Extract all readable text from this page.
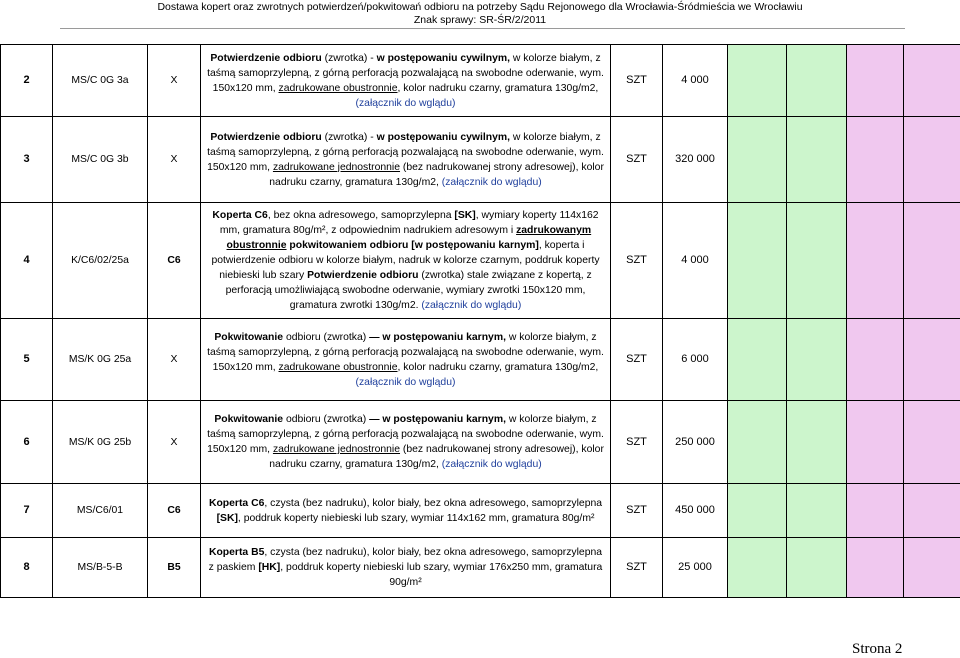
Dostawa kopert oraz zwrotnych potwierdzeń/pokwitowań odbioru na potrzeby Sądu Rejonowego dla Wrocławia-Śródmieścia we Wrocławiu
Znak sprawy: SR-ŚR/2/2011
2	MS/C 0G 3a	X	Potwierdzenie odbioru (zwrotka) - w postępowaniu cywilnym, w kolorze białym, z taśmą samoprzylepną, z górną perforacją pozwalającą na swobodne oderwanie, wym. 150x120 mm, zadrukowane obustronnie, kolor nadruku czarny, gramatura 130g/m2, (załącznik do wglądu)	SZT	4 000				
3	MS/C 0G 3b	X	Potwierdzenie odbioru (zwrotka) - w postępowaniu cywilnym, w kolorze białym, z taśmą samoprzylepną, z górną perforacją pozwalającą na swobodne oderwanie, wym. 150x120 mm, zadrukowane jednostronnie (bez nadrukowanej strony adresowej), kolor nadruku czarny, gramatura 130g/m2, (załącznik do wglądu)	SZT	320 000				
4	K/C6/02/25a	C6	Koperta C6, bez okna adresowego, samoprzylepna [SK], wymiary koperty 114x162 mm, gramatura 80g/m², z odpowiednim nadrukiem adresowym i zadrukowanym obustronnie pokwitowaniem odbioru [w postępowaniu karnym], koperta i potwierdzenie odbioru w kolorze białym, nadruk w kolorze czarnym, poddruk koperty niebieski lub szary Potwierdzenie odbioru (zwrotka) stale związane z kopertą, z perforacją umożliwiającą swobodne oderwanie, wymiary zwrotki 150x120 mm, gramatura zwrotki 130g/m2. (załącznik do wglądu)	SZT	4 000				
5	MS/K 0G 25a	X	Pokwitowanie odbioru (zwrotka) — w postępowaniu karnym, w kolorze białym, z taśmą samoprzylepną, z górną perforacją pozwalającą na swobodne oderwanie, wym. 150x120 mm, zadrukowane obustronnie, kolor nadruku czarny, gramatura 130g/m2, (załącznik do wglądu)	SZT	6 000				
6	MS/K 0G 25b	X	Pokwitowanie odbioru (zwrotka) — w postępowaniu karnym, w kolorze białym, z taśmą samoprzylepną, z górną perforacją pozwalającą na swobodne oderwanie, wym. 150x120 mm, zadrukowane jednostronnie (bez nadrukowanej strony adresowej), kolor nadruku czarny, gramatura 130g/m2, (załącznik do wglądu)	SZT	250 000				
7	MS/C6/01	C6	Koperta C6, czysta (bez nadruku), kolor biały, bez okna adresowego, samoprzylepna [SK], poddruk koperty niebieski lub szary, wymiar 114x162 mm, gramatura 80g/m²	SZT	450 000				
8	MS/B-5-B	B5	Koperta B5, czysta (bez nadruku), kolor biały, bez okna adresowego, samoprzylepna z paskiem [HK], poddruk koperty niebieski lub szary, wymiar 176x250 mm, gramatura 90g/m²	SZT	25 000				
Strona 2
